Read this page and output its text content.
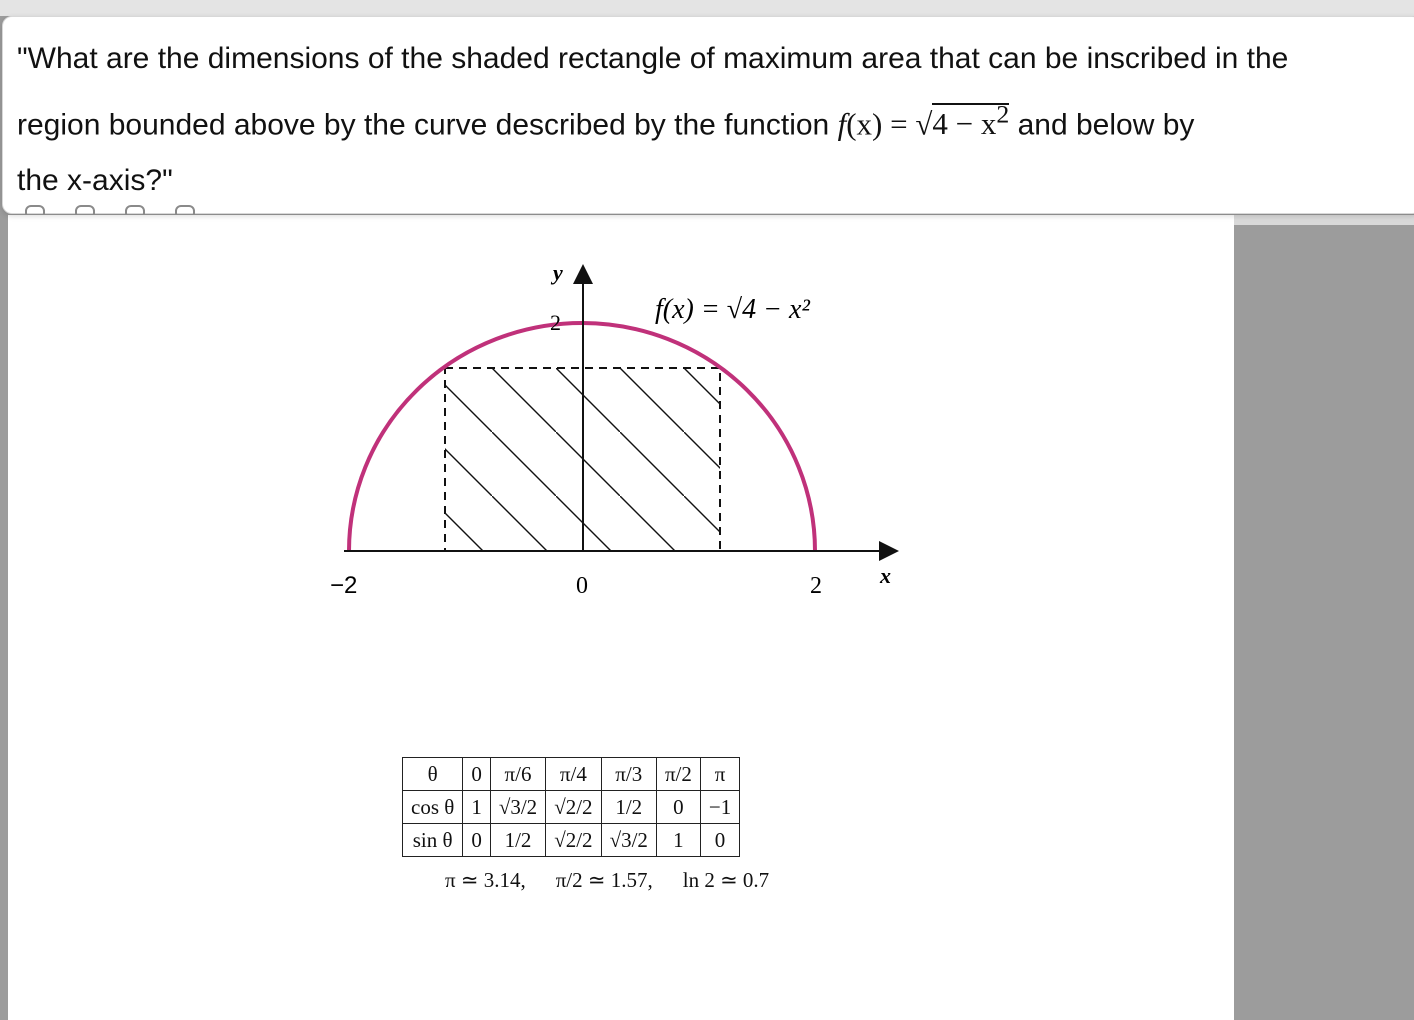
"What are the dimensions of the shaded rectangle of maximum area that can be inscribed in the
region bounded above by the curve described by the function $f(x) = √4 - x^2$ and below by
the x-axis?"

y
2
x
−2	0	2
f(x) = √4 − x²
θ	0	π/6	π/4	π/3	π/2	π
cos θ	1	√3/2	√2/2	1/2	0	−1
sin θ	0	1/2	√2/2	√3/2	1	0
π ≃ 3.14, π/2 ≃ 1.57, ln 2 ≃ 0.7
